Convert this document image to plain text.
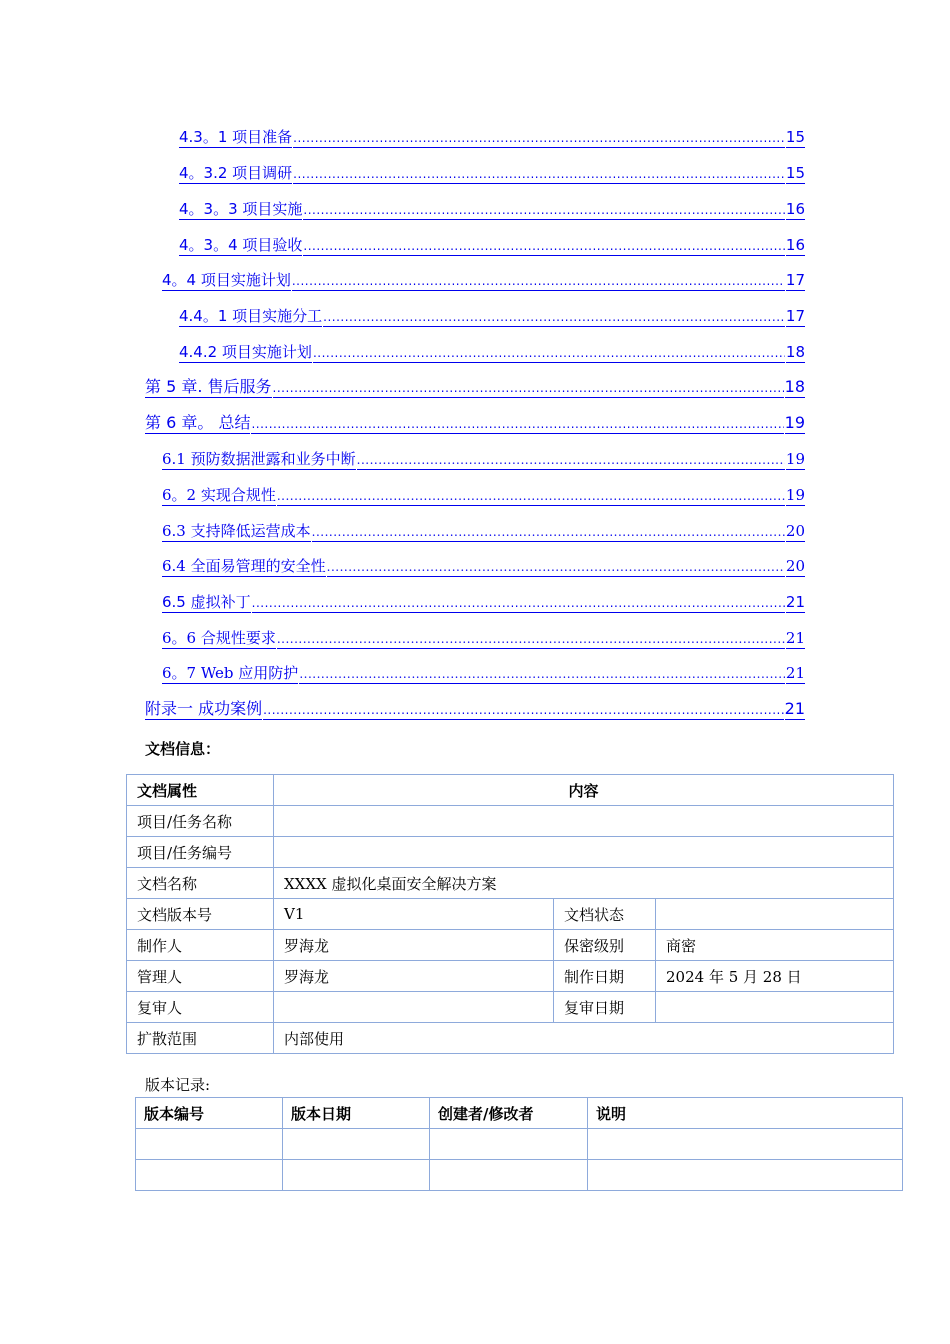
4.3。1 项目准备 .....	15
4。3.2 项目调研 .....	15
4。3。3 项目实施 .....	16
4。3。4 项目验收 .....	16
4。4 项目实施计划 .....	17
4.4。1 项目实施分工 .....	17
4.4.2 项目实施计划 .....	18
第 5 章. 售后服务 .....	18
第 6 章。 总结 .....	19
6.1 预防数据泄露和业务中断 .....	19
6。2 实现合规性 .....	19
6.3 支持降低运营成本 .....	20
6.4 全面易管理的安全性 .....	20
6.5 虚拟补丁 .....	21
6。6 合规性要求 .....	21
6。7 Web 应用防护 .....	21
附录一 成功案例 .....	21
文档信息：
文档属性	内容		
项目/任务名称			
项目/任务编号			
文档名称	XXXX 虚拟化桌面安全解决方案		
文档版本号	V1	文档状态	
制作人	罗海龙	保密级别	商密
管理人	罗海龙	制作日期	2024 年 5 月 28 日
复审人		复审日期	
扩散范围	内部使用		
版本记录:
版本编号	版本日期	创建者/修改者	说明
